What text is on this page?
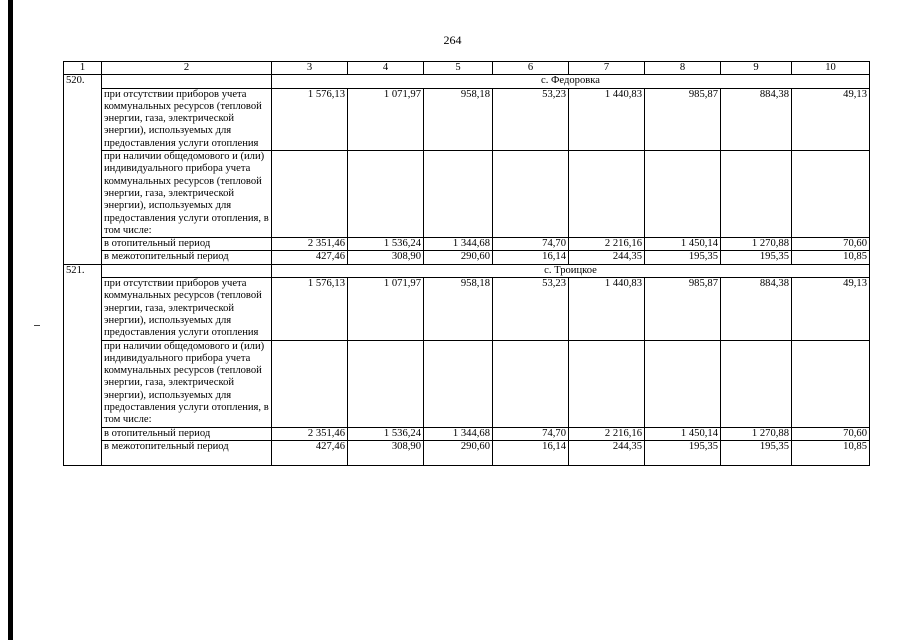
264
1	2	3	4	5	6	7	8	9	10
520.		с. Федоровка							
	при отсутствии приборов учета коммунальных ресурсов (тепловой энергии, газа, электрической энергии), используемых для предоставления услуги отопления	1 576,13	1 071,97	958,18	53,23	1 440,83	985,87	884,38	49,13
	при наличии общедомового и (или) индивидуального прибора учета коммунальных ресурсов (тепловой энергии, газа, электрической энергии), используемых для предоставления услуги отопления, в том числе:								
	в отопительный период	2 351,46	1 536,24	1 344,68	74,70	2 216,16	1 450,14	1 270,88	70,60
	в межотопительный период	427,46	308,90	290,60	16,14	244,35	195,35	195,35	10,85
521.		с. Троицкое							
	при отсутствии приборов учета коммунальных ресурсов (тепловой энергии, газа, электрической энергии), используемых для предоставления услуги отопления	1 576,13	1 071,97	958,18	53,23	1 440,83	985,87	884,38	49,13
	при наличии общедомового и (или) индивидуального прибора учета коммунальных ресурсов (тепловой энергии, газа, электрической энергии), используемых для предоставления услуги отопления, в том числе:								
	в отопительный период	2 351,46	1 536,24	1 344,68	74,70	2 216,16	1 450,14	1 270,88	70,60
	в межотопительный период	427,46	308,90	290,60	16,14	244,35	195,35	195,35	10,85
